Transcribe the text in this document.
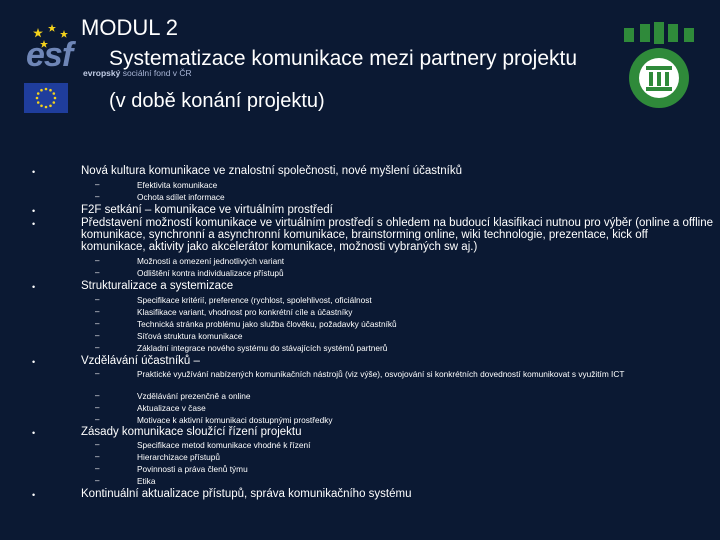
esf evropský sociální fond v ČR
MODUL 2
Systematizace komunikace mezi partnery projektu
(v době konání projektu)
•	Nová kultura komunikace ve znalostní společnosti, nové myšlení účastníků
–	Efektivita komunikace
–	Ochota sdílet informace
•	F2F setkání – komunikace ve virtuálním prostředí
•	Představení možností komunikace ve virtuálním prostředí s ohledem na budoucí klasifikaci nutnou pro výběr (online a offline komunikace, synchronní a asynchronní komunikace, brainstorming online, wiki technologie, prezentace, kick off komunikace, aktivity jako akcelerátor komunikace, možnosti vybraných sw aj.)
–	Možnosti a omezení jednotlivých variant
–	Odlištění kontra individualizace přístupů
•	Strukturalizace a systemizace
–	Specifikace kritérií, preference (rychlost, spolehlivost, oficiálnost
–	Klasifikace variant, vhodnost pro konkrétní cíle a účastníky
–	Technická stránka problému jako služba člověku, požadavky účastníků
–	Síťová struktura komunikace
–	Základní integrace nového systému do stávajících systémů partnerů
•	Vzdělávání účastníků –
–	Praktické využívání nabízených komunikačních nástrojů (viz výše), osvojování si konkrétních dovedností komunikovat s využitím ICT
–	Vzdělávání prezenčně a online
–	Aktualizace v čase
–	Motivace k aktivní komunikaci dostupnými prostředky
•	Zásady komunikace sloužící řízení projektu
–	Specifikace metod komunikace vhodné k řízení
–	Hierarchizace přístupů
–	Povinnosti a práva členů týmu
–	Etika
•	Kontinuální aktualizace přístupů, správa komunikačního systému
